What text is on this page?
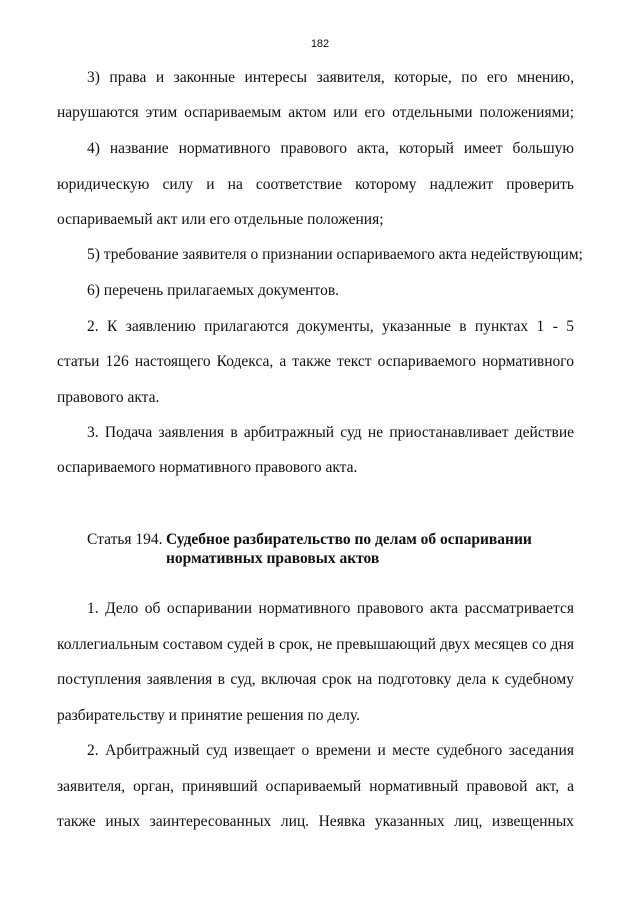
182
3) права и законные интересы заявителя, которые, по его мнению,
нарушаются этим оспариваемым актом или его отдельными положениями;
4) название нормативного правового акта, который имеет большую
юридическую силу и на соответствие которому надлежит проверить
оспариваемый акт или его отдельные положения;
5) требование заявителя о признании оспариваемого акта недействующим;
6) перечень прилагаемых документов.
2. К заявлению прилагаются документы, указанные в пунктах 1 - 5
статьи 126 настоящего Кодекса, а также текст оспариваемого нормативного
правового акта.
3. Подача заявления в арбитражный суд не приостанавливает действие
оспариваемого нормативного правового акта.
Статья 194. Судебное разбирательство по делам об оспаривании
нормативных правовых актов
1. Дело об оспаривании нормативного правового акта рассматривается
коллегиальным составом судей в срок, не превышающий двух месяцев со дня
поступления заявления в суд, включая срок на подготовку дела к судебному
разбирательству и принятие решения по делу.
2. Арбитражный суд извещает о времени и месте судебного заседания
заявителя, орган, принявший оспариваемый нормативный правовой акт, а
также иных заинтересованных лиц. Неявка указанных лиц, извещенных
